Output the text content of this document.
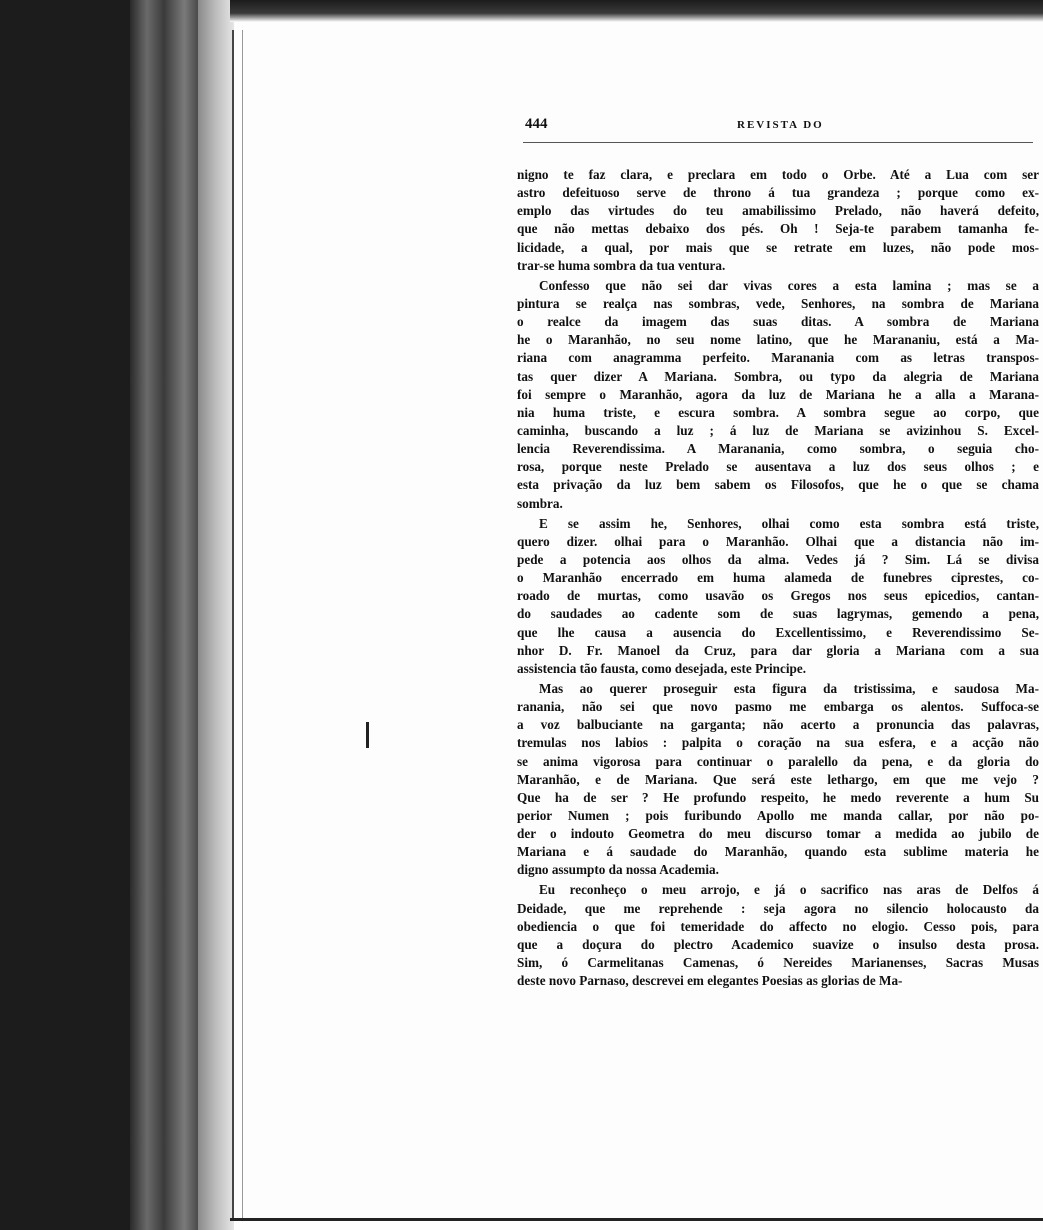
444	REVISTA DO
nigno te faz clara, e preclara em todo o Orbe. Até a Lua com ser
astro defeituoso serve de throno á tua grandeza ; porque como ex-
emplo das virtudes do teu amabilissimo Prelado, não haverá defeito,
que não mettas debaixo dos pés. Oh ! Seja-te parabem tamanha fe-
licidade, a qual, por mais que se retrate em luzes, não pode mos-
trar-se huma sombra da tua ventura.
Confesso que não sei dar vivas cores a esta lamina ; mas se a
pintura se realça nas sombras, vede, Senhores, na sombra de Mariana
o realce da imagem das suas ditas. A sombra de Mariana
he o Maranhão, no seu nome latino, que he Marananiu, está a Ma-
riana com anagramma perfeito. Maranania com as letras transpos-
tas quer dizer A Mariana. Sombra, ou typo da alegria de Mariana
foi sempre o Maranhão, agora da luz de Mariana he a alla a Marana-
nia huma triste, e escura sombra. A sombra segue ao corpo, que
caminha, buscando a luz ; á luz de Mariana se avizinhou S. Excel-
lencia Reverendissima. A Maranania, como sombra, o seguia cho-
rosa, porque neste Prelado se ausentava a luz dos seus olhos ; e
esta privação da luz bem sabem os Filosofos, que he o que se chama
sombra.
E se assim he, Senhores, olhai como esta sombra está triste,
quero dizer. olhai para o Maranhão. Olhai que a distancia não im-
pede a potencia aos olhos da alma. Vedes já ? Sim. Lá se divisa
o Maranhão encerrado em huma alameda de funebres ciprestes, co-
roado de murtas, como usavão os Gregos nos seus epicedios, cantan-
do saudades ao cadente som de suas lagrymas, gemendo a pena,
que lhe causa a ausencia do Excellentissimo, e Reverendissimo Se-
nhor D. Fr. Manoel da Cruz, para dar gloria a Mariana com a sua
assistencia tão fausta, como desejada, este Principe.
Mas ao querer proseguir esta figura da tristissima, e saudosa Ma-
ranania, não sei que novo pasmo me embarga os alentos. Suffoca-se
a voz balbuciante na garganta; não acerto a pronuncia das palavras,
tremulas nos labios : palpita o coração na sua esfera, e a acção não
se anima vigorosa para continuar o paralello da pena, e da gloria do
Maranhão, e de Mariana. Que será este lethargo, em que me vejo ?
Que ha de ser ? He profundo respeito, he medo reverente a hum Su
perior Numen ; pois furibundo Apollo me manda callar, por não po-
der o indouto Geometra do meu discurso tomar a medida ao jubilo de
Mariana e á saudade do Maranhão, quando esta sublime materia he
digno assumpto da nossa Academia.
Eu reconheço o meu arrojo, e já o sacrifico nas aras de Delfos á
Deidade, que me reprehende : seja agora no silencio holocausto da
obediencia o que foi temeridade do affecto no elogio. Cesso pois, para
que a doçura do plectro Academico suavize o insulso desta prosa.
Sim, ó Carmelitanas Camenas, ó Nereides Marianenses, Sacras Musas
deste novo Parnaso, descrevei em elegantes Poesias as glorias de Ma-
